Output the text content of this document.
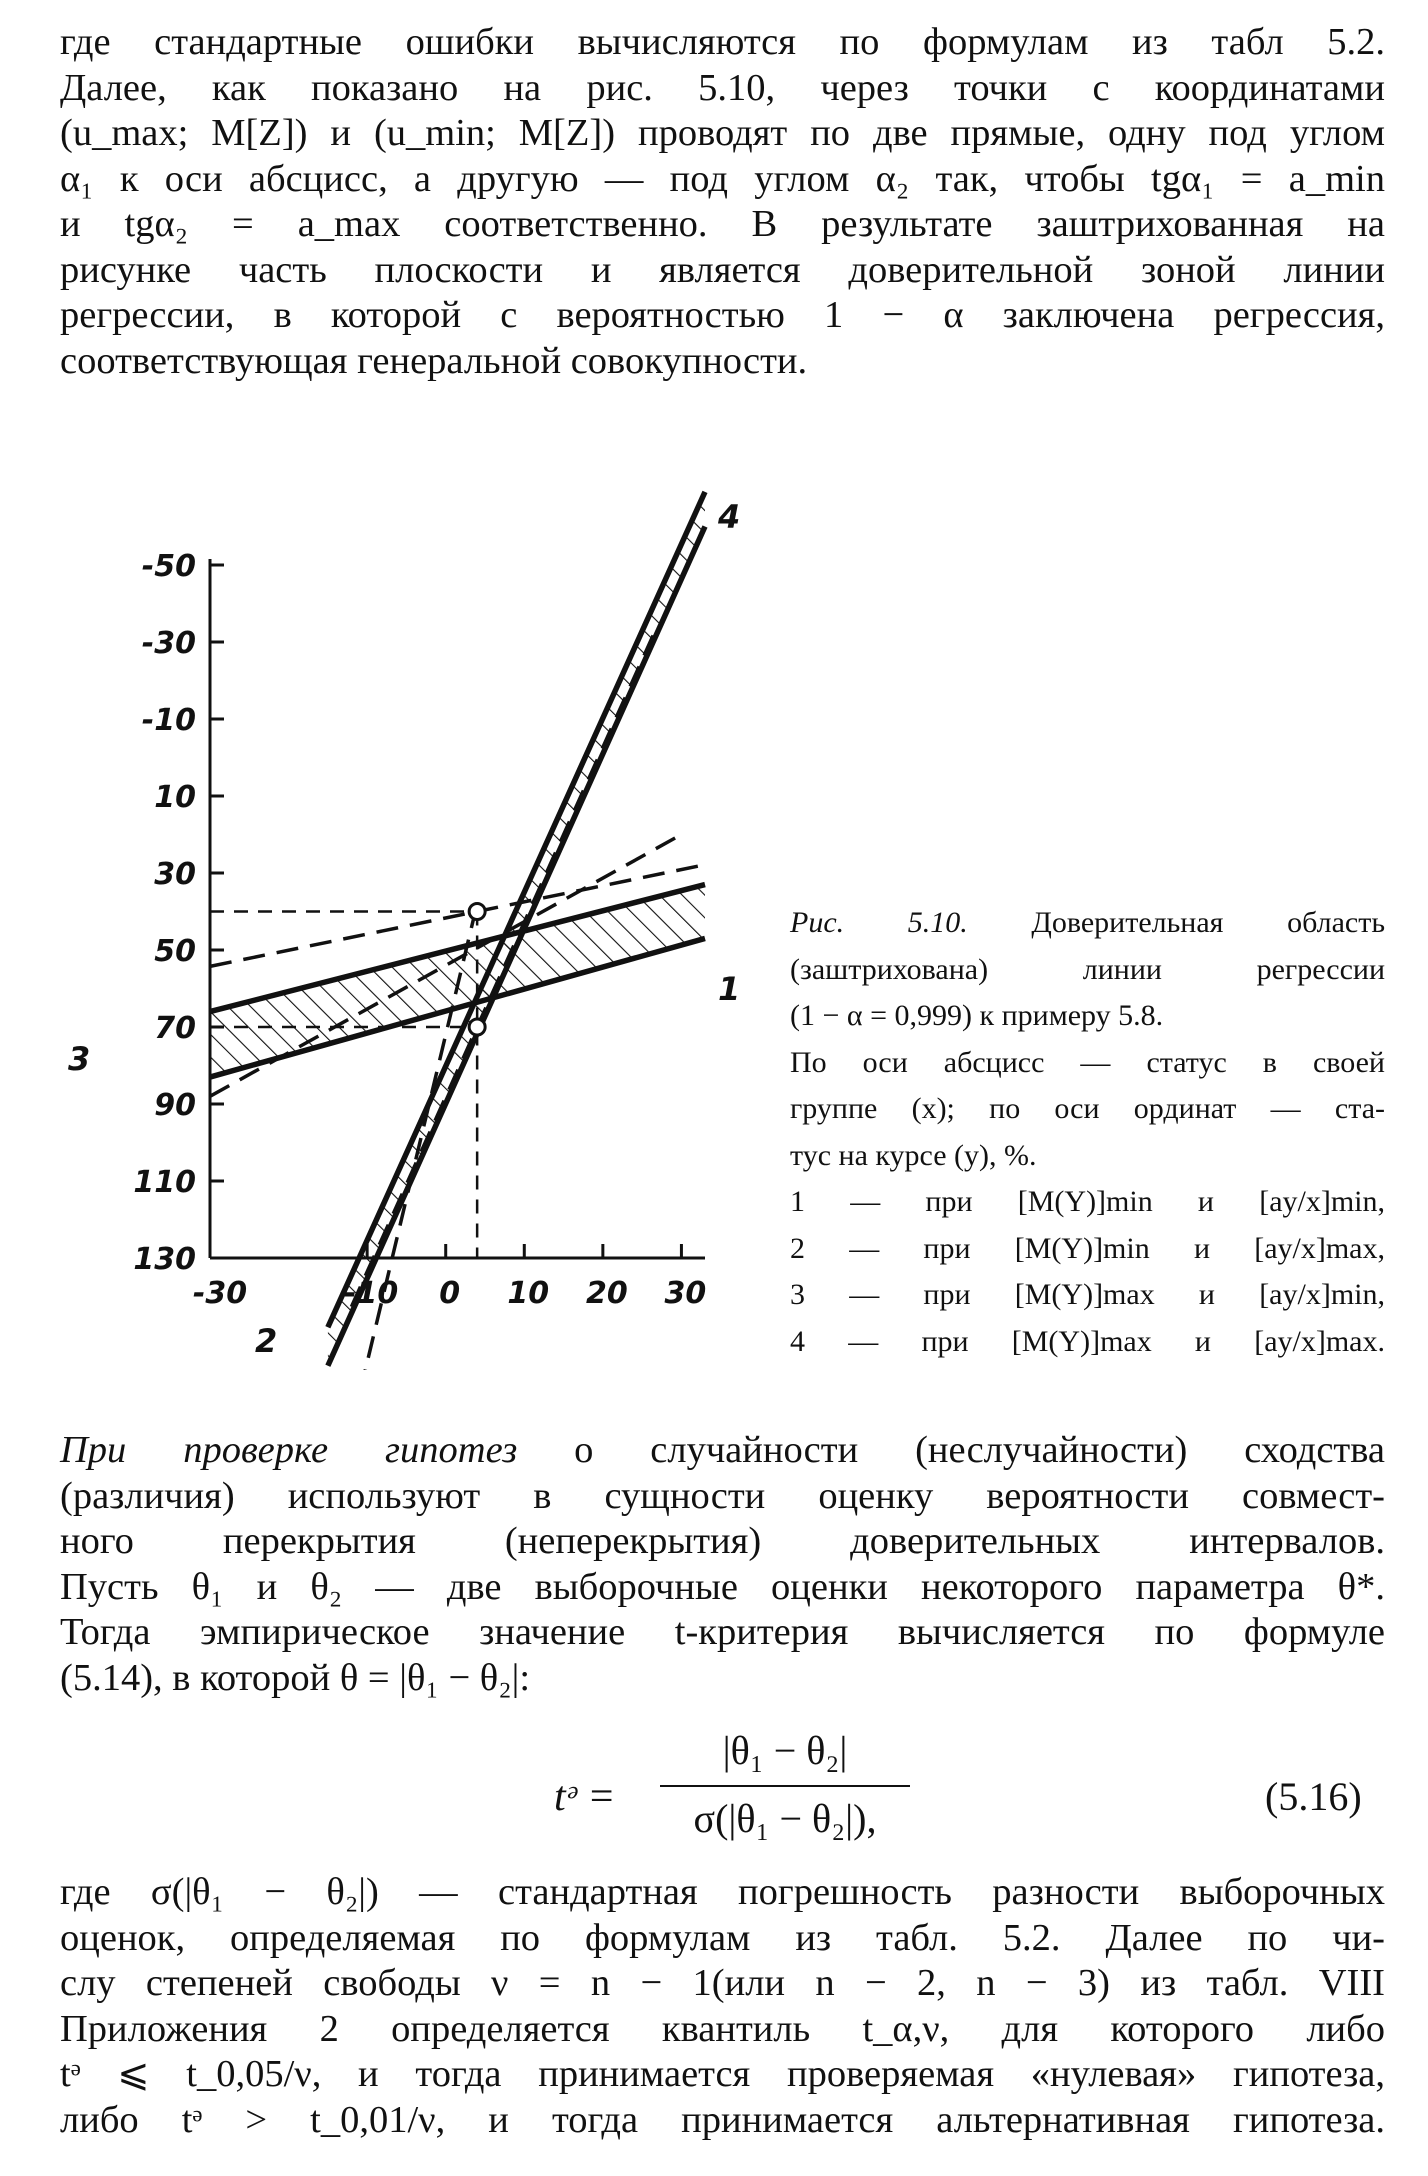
где стандартные ошибки вычисляются по формулам из табл 5.2.
Далее, как показано на рис. 5.10, через точки с координатами
(u_max; M[Z]) и (u_min; M[Z]) проводят по две прямые, одну под углом
α₁ к оси абсцисс, а другую — под углом α₂ так, чтобы tgα₁ = a_min
и tgα₂ = a_max соответственно. В результате заштрихованная на
рисунке часть плоскости и является доверительной зоной линии
регрессии, в которой с вероятностью 1 − α заключена регрессия,
соответствующая генеральной совокупности.
130
110
90
70
50
30
10
-10
-30
-50
-30	-10 0 10 20 30
1
2
3
4
Рис. 5.10. Доверительная область
(заштрихована) линии регрессии
(1 − α = 0,999) к примеру 5.8.
По оси абсцисс — статус в своей
группе (x); по оси ординат — ста-
тус на курсе (y), %.
1 — при [M(Y)]min и [ay/x]min,
2 — при [M(Y)]min и [ay/x]max,
3 — при [M(Y)]max и [ay/x]min,
4 — при [M(Y)]max и [ay/x]max.
При проверке гипотез о случайности (неслучайности) сходства
(различия) используют в сущности оценку вероятности совмест-
ного перекрытия (неперекрытия) доверительных интервалов.
Пусть θ₁ и θ₂ — две выборочные оценки некоторого параметра θ*.
Тогда эмпирическое значение t-критерия вычисляется по формуле
(5.14), в которой θ = |θ₁ − θ₂|:
tᵊ =
|θ₁ − θ₂|
σ(|θ₁ − θ₂|),	(5.16)
где σ(|θ₁ − θ₂|) — стандартная погрешность разности выборочных
оценок, определяемая по формулам из табл. 5.2. Далее по чи-
слу степеней свободы ν = n − 1(или n − 2, n − 3) из табл. VIII
Приложения 2 определяется квантиль t_α,ν, для которого либо
tᵊ ⩽ t_0,05/ν, и тогда принимается проверяемая «нулевая» гипотеза,
либо tᵊ > t_0,01/ν, и тогда принимается альтернативная гипотеза.
